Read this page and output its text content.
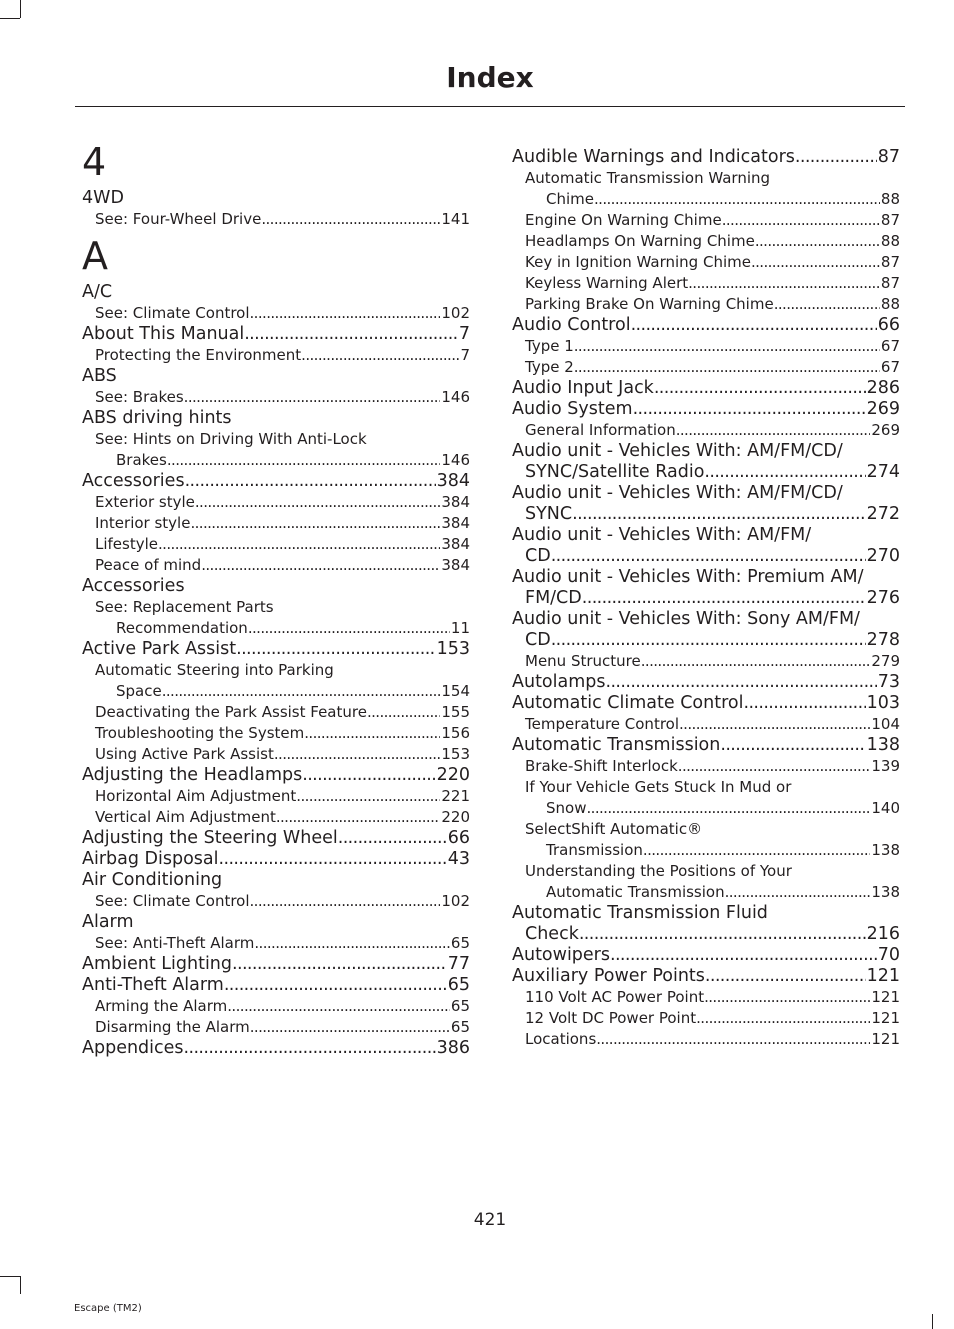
Index
4
4WD
See: Four-Wheel Drive .....	141
A
A/C
See: Climate Control .....	102
About This Manual .....	7
Protecting the Environment .....	7
ABS
See: Brakes .....	146
ABS driving hints
See: Hints on Driving With Anti-Lock
Brakes .....	146
Accessories .....	384
Exterior style .....	384
Interior style .....	384
Lifestyle .....	384
Peace of mind .....	384
Accessories
See: Replacement Parts
Recommendation .....	11
Active Park Assist .....	153
Automatic Steering into Parking
Space .....	154
Deactivating the Park Assist Feature .....	155
Troubleshooting the System .....	156
Using Active Park Assist .....	153
Adjusting the Headlamps .....	220
Horizontal Aim Adjustment .....	221
Vertical Aim Adjustment .....	220
Adjusting the Steering Wheel .....	66
Airbag Disposal .....	43
Air Conditioning
See: Climate Control .....	102
Alarm
See: Anti-Theft Alarm .....	65
Ambient Lighting .....	77
Anti-Theft Alarm .....	65
Arming the Alarm .....	65
Disarming the Alarm .....	65
Appendices .....	386
Audible Warnings and Indicators .....	87
Automatic Transmission Warning
Chime .....	88
Engine On Warning Chime .....	87
Headlamps On Warning Chime .....	88
Key in Ignition Warning Chime .....	87
Keyless Warning Alert .....	87
Parking Brake On Warning Chime .....	88
Audio Control .....	66
Type 1 .....	67
Type 2 .....	67
Audio Input Jack .....	286
Audio System .....	269
General Information .....	269
Audio unit - Vehicles With: AM/FM/CD/
SYNC/Satellite Radio .....	274
Audio unit - Vehicles With: AM/FM/CD/
SYNC .....	272
Audio unit - Vehicles With: AM/FM/
CD .....	270
Audio unit - Vehicles With: Premium AM/
FM/CD .....	276
Audio unit - Vehicles With: Sony AM/FM/
CD .....	278
Menu Structure .....	279
Autolamps .....	73
Automatic Climate Control .....	103
Temperature Control .....	104
Automatic Transmission .....	138
Brake-Shift Interlock .....	139
If Your Vehicle Gets Stuck In Mud or
Snow .....	140
SelectShift Automatic®
Transmission .....	138
Understanding the Positions of Your
Automatic Transmission .....	138
Automatic Transmission Fluid
Check .....	216
Autowipers .....	70
Auxiliary Power Points .....	121
110 Volt AC Power Point .....	121
12 Volt DC Power Point .....	121
Locations .....	121
421
Escape (TM2)
